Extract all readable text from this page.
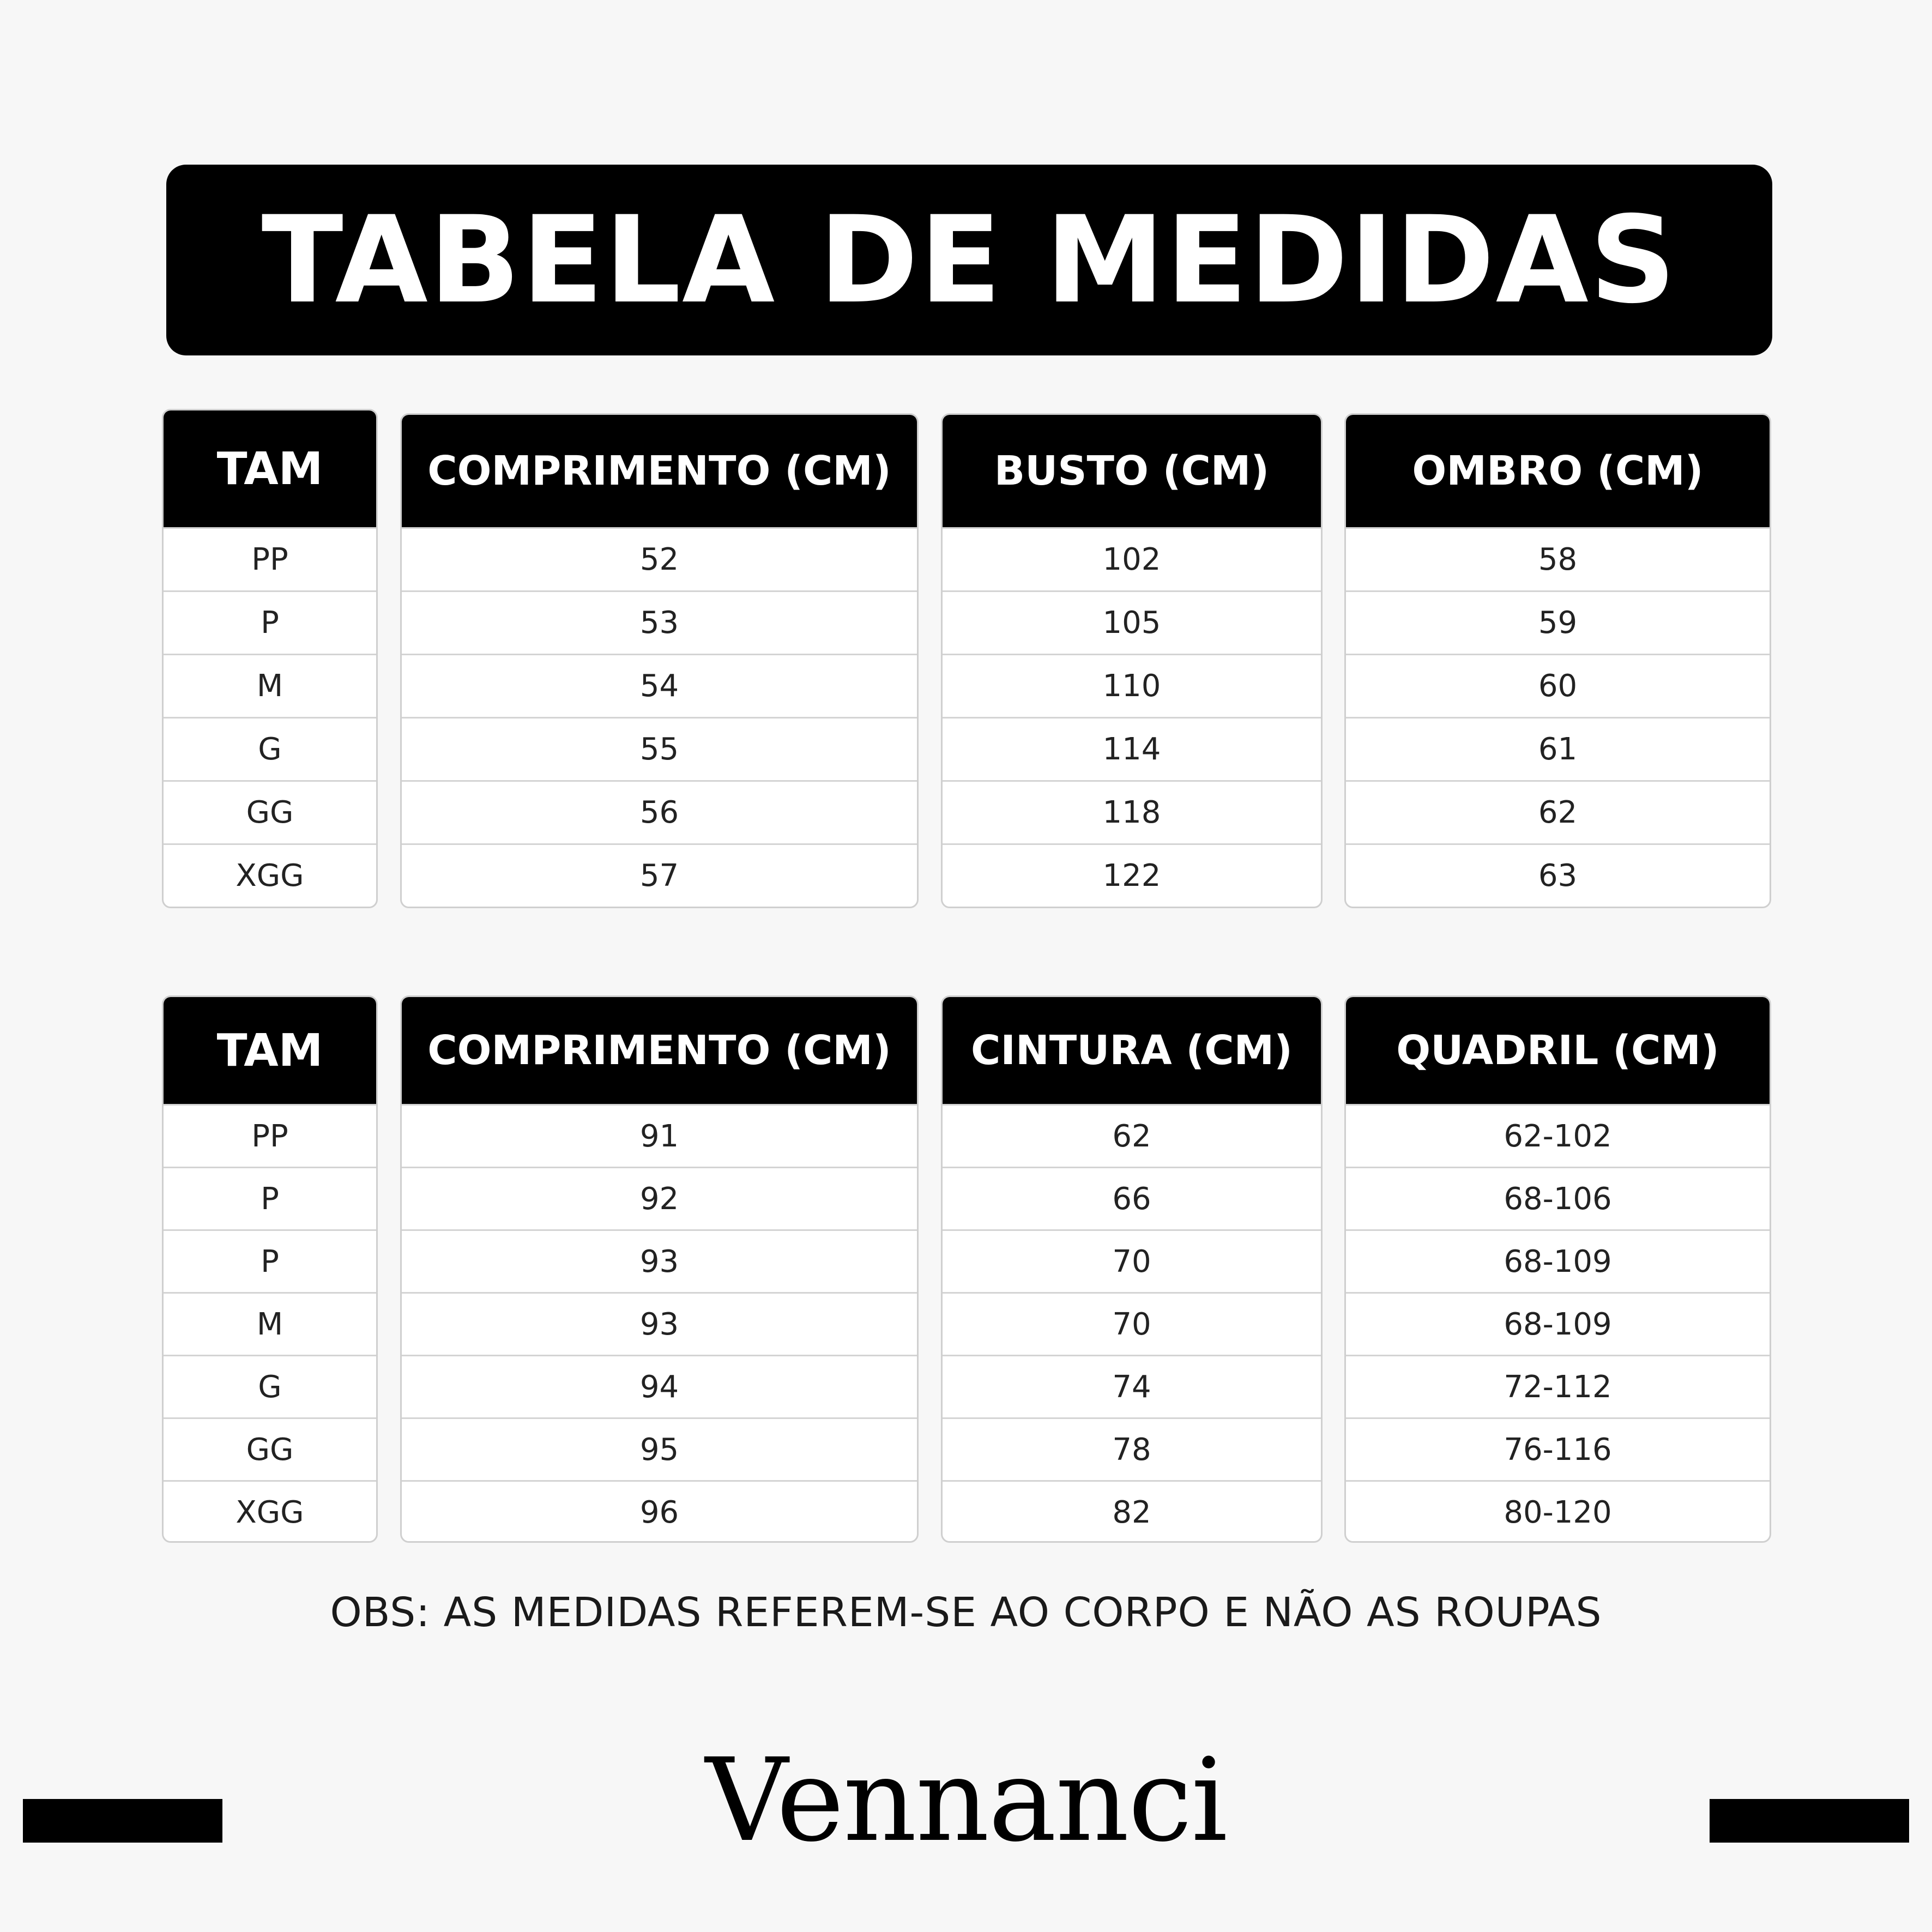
TABELA DE MEDIDAS
TAM
PP
P
M
G
GG
XGG
COMPRIMENTO (CM)
52
53
54
55
56
57
BUSTO (CM)
102
105
110
114
118
122
OMBRO (CM)
58
59
60
61
62
63
TAM
PP
P
P
M
G
GG
XGG
COMPRIMENTO (CM)
91
92
93
93
94
95
96
CINTURA (CM)
62
66
70
70
74
78
82
QUADRIL (CM)
62-102
68-106
68-109
68-109
72-112
76-116
80-120
OBS: AS MEDIDAS REFEREM-SE AO CORPO E NÃO AS ROUPAS
Vennanci
